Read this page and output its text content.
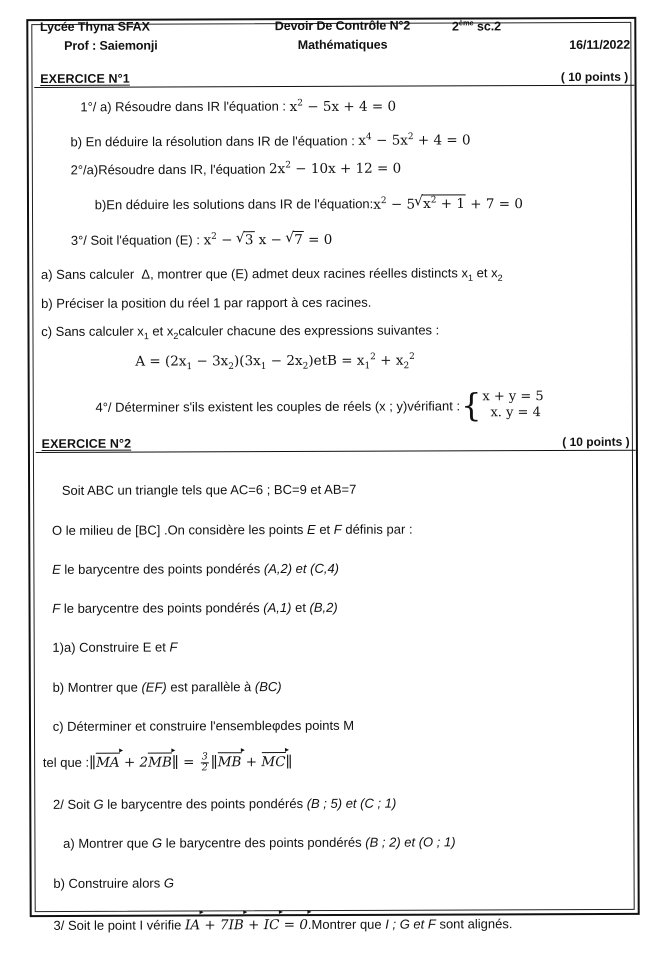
Lycée Thyna SFAX
Prof : Saiemonji
Devoir De Contrôle N°2
Mathématiques
2ème sc.2
16/11/2022
EXERCICE N°1	( 10 points )
1°/ a) Résoudre dans IR l'équation : $x^2 - 5x + 4 = 0$
b) En déduire la résolution dans IR de l'équation : $x^4 - 5x^2 + 4 = 0$
2°/a)Résoudre dans IR, l'équation $2x^2 - 10x + 12 = 0$
b)En déduire les solutions dans IR de $l'équation:x^2 - 5$ √ $x^2 + 1 + 7 = 0$
3°/ Soit l'équation (E) : $x^2$ − √ 3 x − √ 7 = 0
a) Sans calculer  Δ, montrer que (E) admet deux racines réelles distincts $x_1$ et $x_2$
b) Préciser la position du réel 1 par rapport à ces racines.
c) Sans calculer $x_1$ et $x_2calculer$ chacune des expressions suivantes :
$A = (2x_1 - 3x_2)(3x_1 - 2x_2)etB = x_1^2 + x_2^2$
4°/ Déterminer s'ils existent les couples de réels (x ; y)vérifiant : { x + y = 5
x. y = 4
EXERCICE N°2	( 10 points )
Soit ABC un triangle tels que AC=6 ; BC=9 et AB=7
O le milieu de [BC] .On considère les points E et F définis par :
E le barycentre des points pondérés (A,2) et (C,4)
F le barycentre des points pondérés (A,1) et (B,2)
1)a) Construire E et F
b) Montrer que (EF) est parallèle à (BC)
c) Déterminer et construire l'ensembleφdes points M
tel que :∥MA ▸ + 2MB ▸∥ = $\frac{3}{2}$ ∥MB ▸ + MC ▸∥
2/ Soit G le barycentre des points pondérés (B ; 5) et (C ; 1)
a) Montrer que G le barycentre des points pondérés (B ; 2) et (O ; 1)
b) Construire alors G
3/ Soit le point I vérifie IA ▸ + 7IB ▸ + IC ▸ = 0 ▸.Montrer que I ; G et F sont alignés.
